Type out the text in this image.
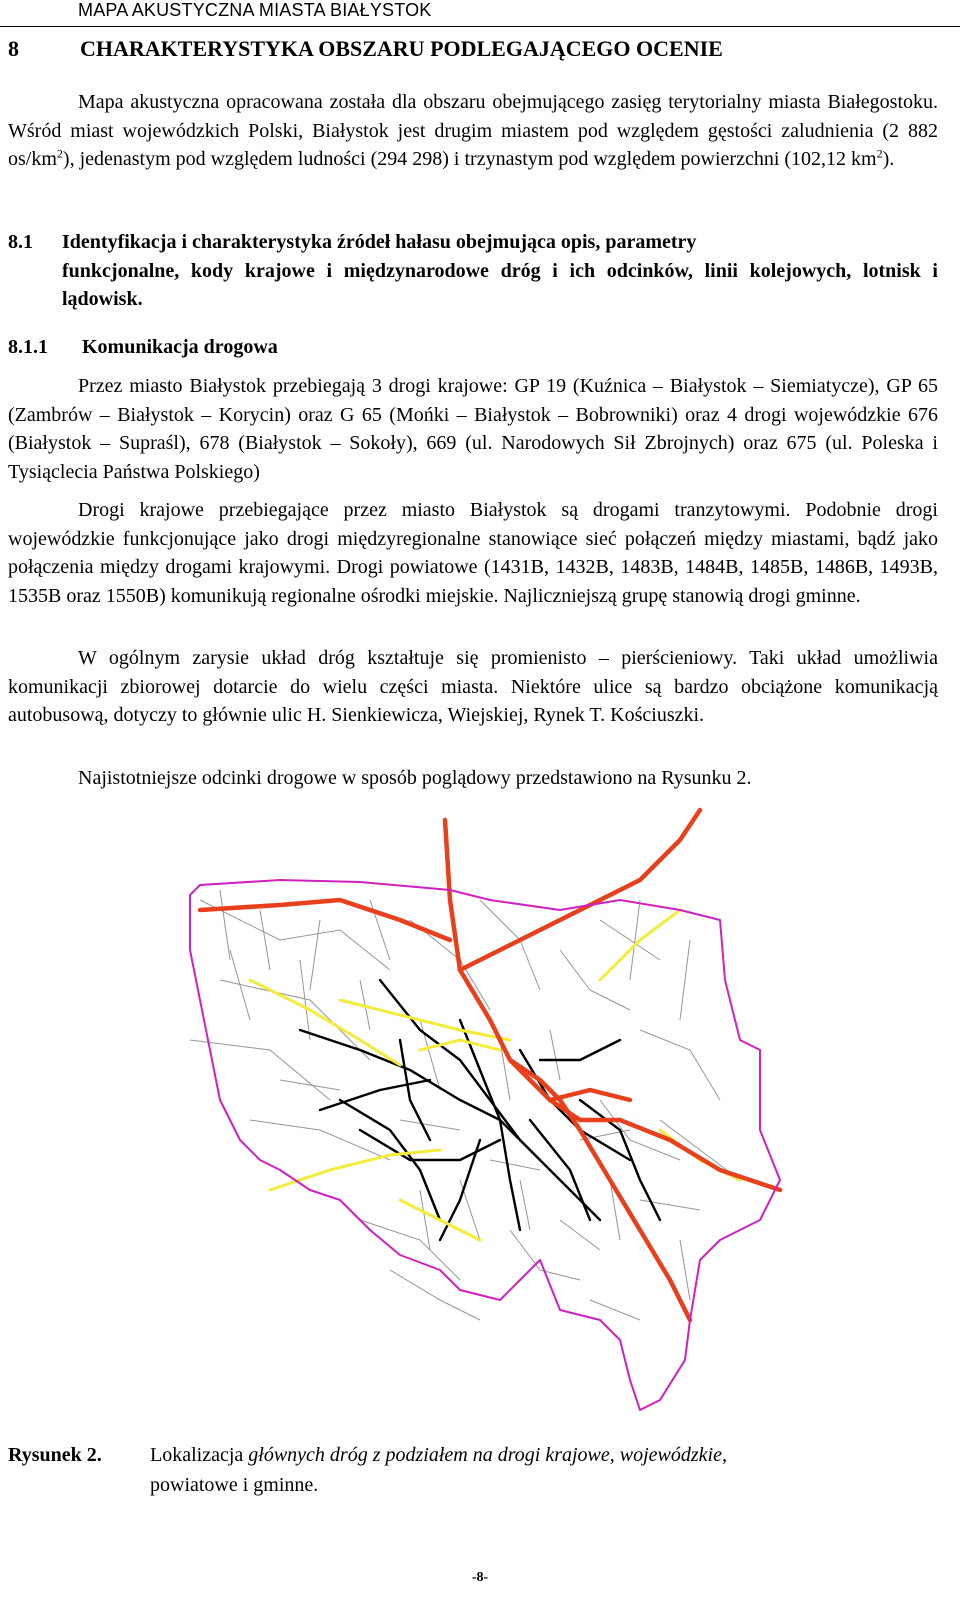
MAPA AKUSTYCZNA MIASTA BIAŁYSTOK
8	CHARAKTERYSTYKA OBSZARU PODLEGAJĄCEGO OCENIE
Mapa akustyczna opracowana została dla obszaru obejmującego zasięg terytorialny miasta Białegostoku. Wśród miast wojewódzkich Polski, Białystok jest drugim miastem pod względem gęstości zaludnienia (2 882 $os/km^2$), jedenastym pod względem ludności (294 298) i trzynastym pod względem powierzchni (102,12 $km^2$).
8.1 Identyfikacja i charakterystyka źródeł hałasu obejmująca opis, parametry
funkcjonalne, kody krajowe i międzynarodowe dróg i ich odcinków, linii kolejowych, lotnisk i lądowisk.
8.1.1 Komunikacja drogowa
Przez miasto Białystok przebiegają 3 drogi krajowe: GP 19 (Kuźnica – Białystok – Siemiatycze), GP 65 (Zambrów – Białystok – Korycin) oraz G 65 (Mońki – Białystok – Bobrowniki) oraz 4 drogi wojewódzkie 676 (Białystok – Supraśl), 678 (Białystok – Sokoły), 669 (ul. Narodowych Sił Zbrojnych) oraz 675 (ul. Poleska i Tysiąclecia Państwa Polskiego)
Drogi krajowe przebiegające przez miasto Białystok są drogami tranzytowymi. Podobnie drogi wojewódzkie funkcjonujące jako drogi międzyregionalne stanowiące sieć połączeń między miastami, bądź jako połączenia między drogami krajowymi. Drogi powiatowe (1431B, 1432B, 1483B, 1484B, 1485B, 1486B, 1493B, 1535B oraz 1550B) komunikują regionalne ośrodki miejskie. Najliczniejszą grupę stanowią drogi gminne.
W ogólnym zarysie układ dróg kształtuje się promienisto – pierścieniowy. Taki układ umożliwia komunikacji zbiorowej dotarcie do wielu części miasta. Niektóre ulice są bardzo obciążone komunikacją autobusową, dotyczy to głównie ulic H. Sienkiewicza, Wiejskiej, Rynek T. Kościuszki.
Najistotniejsze odcinki drogowe w sposób poglądowy przedstawiono na Rysunku 2.
Rysunek 2. Lokalizacja głównych dróg z podziałem na drogi krajowe, wojewódzkie,
powiatowe i gminne.
-8-
